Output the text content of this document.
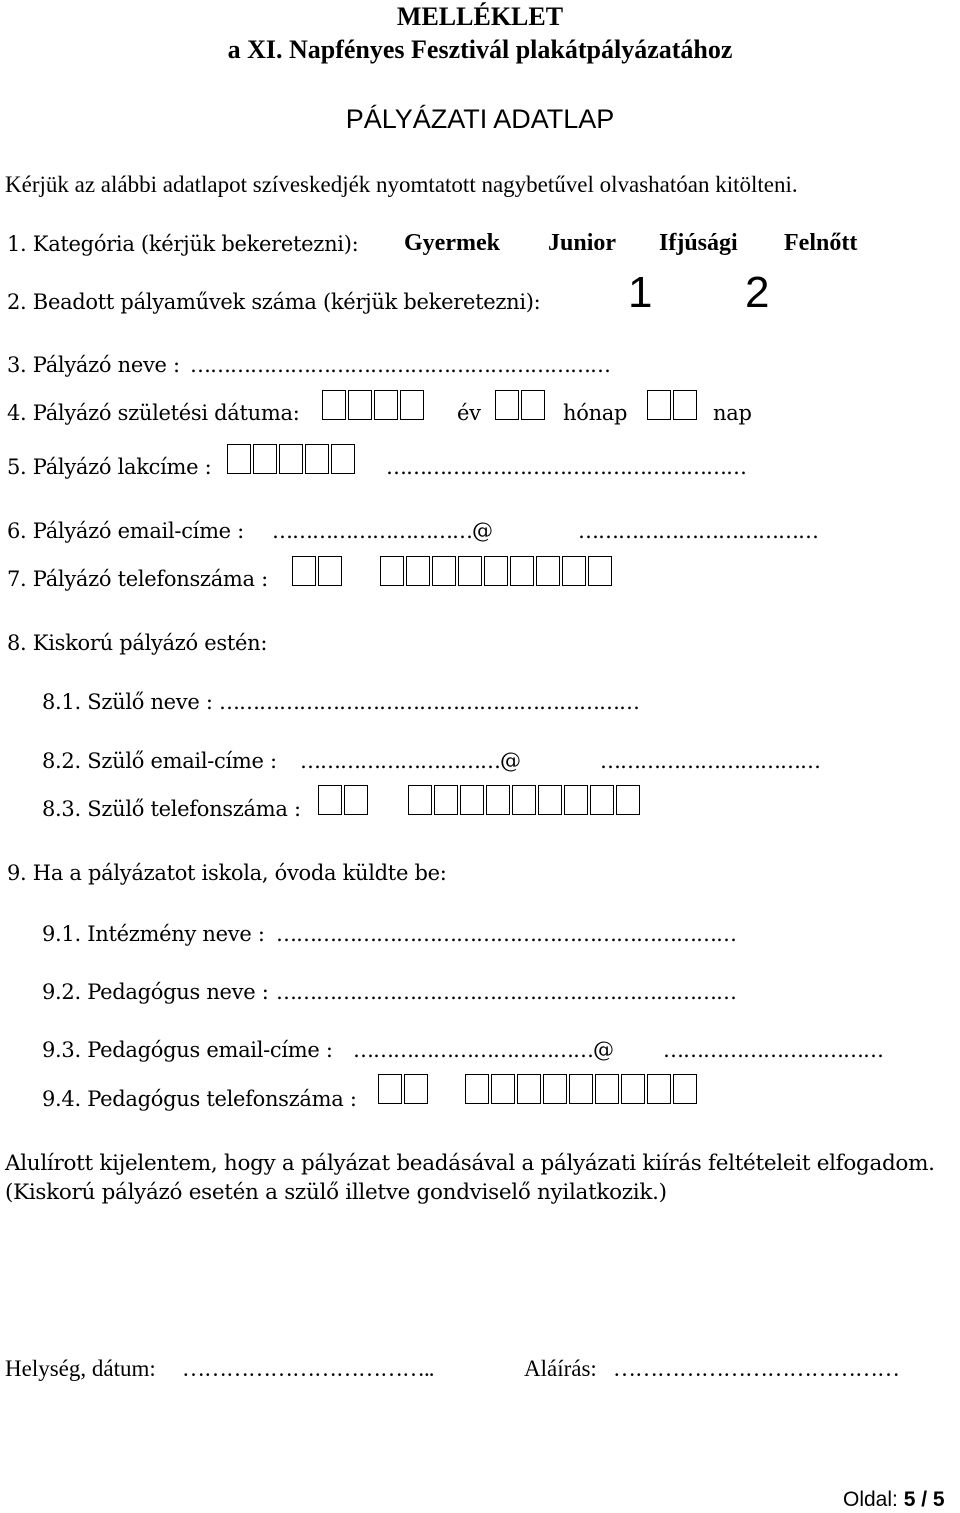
MELLÉKLET
a XI. Napfényes Fesztivál plakátpályázatához
PÁLYÁZATI ADATLAP
Kérjük az alábbi adatlapot szíveskedjék nyomtatott nagybetűvel olvashatóan kitölteni.
1. Kategória (kérjük bekeretezni): Gyermek Junior Ifjúsági Felnőtt
2. Beadott pályaművek száma (kérjük bekeretezni): 1 2
3. Pályázó neve : ………………………………………………………
4. Pályázó születési dátuma:	év	hónap	nap
5. Pályázó lakcíme :	………………………………………………
6. Pályázó email-címe : …………………………@	………………………………
7. Pályázó telefonszáma :
8. Kiskorú pályázó estén:
8.1. Szülő neve : ………………………………………………………
8.2. Szülő email-címe : …………………………@	……………………………
8.3. Szülő telefonszáma :
9. Ha a pályázatot iskola, óvoda küldte be:
9.1. Intézmény neve : ……………………………………………………………
9.2. Pedagógus neve : ……………………………………………………………
9.3. Pedagógus email-címe : ………………………………@ ……………………………
9.4. Pedagógus telefonszáma :
Alulírott kijelentem, hogy a pályázat beadásával a pályázati kiírás feltételeit elfogadom.
(Kiskorú pályázó esetén a szülő illetve gondviselő nyilatkozik.)
Helység, dátum: ……………………………..	Aláírás: …………………………………
Oldal: 5 / 5
